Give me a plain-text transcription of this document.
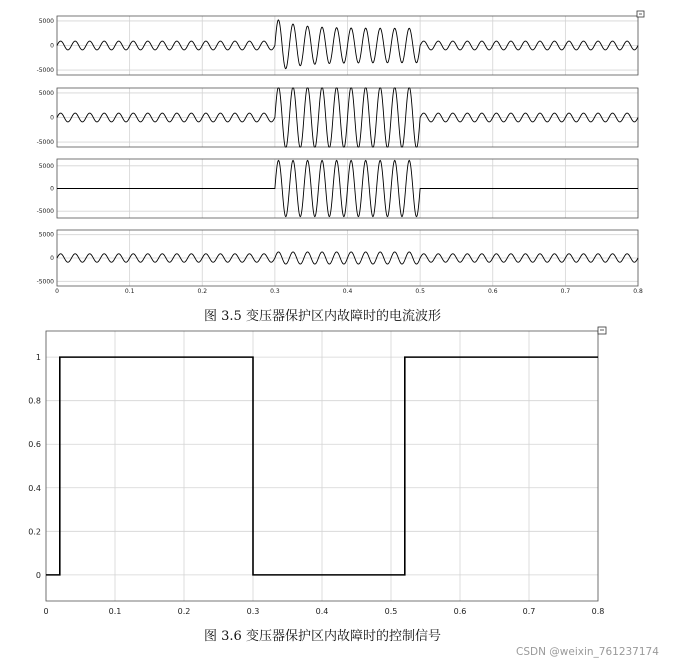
5000
0
-5000
5000
0
-5000
5000
0
-5000
5000
0
-5000
0	0.1	0.2	0.3	0.4	0.5	0.6	0.7	0.8
1
0.8
0.6
0.4
0.2
0
0	0.1	0.2	0.3	0.4	0.5	0.6	0.7	0.8
图 3.5 变压器保护区内故障时的电流波形
图 3.6 变压器保护区内故障时的控制信号
CSDN @weixin_761237174
